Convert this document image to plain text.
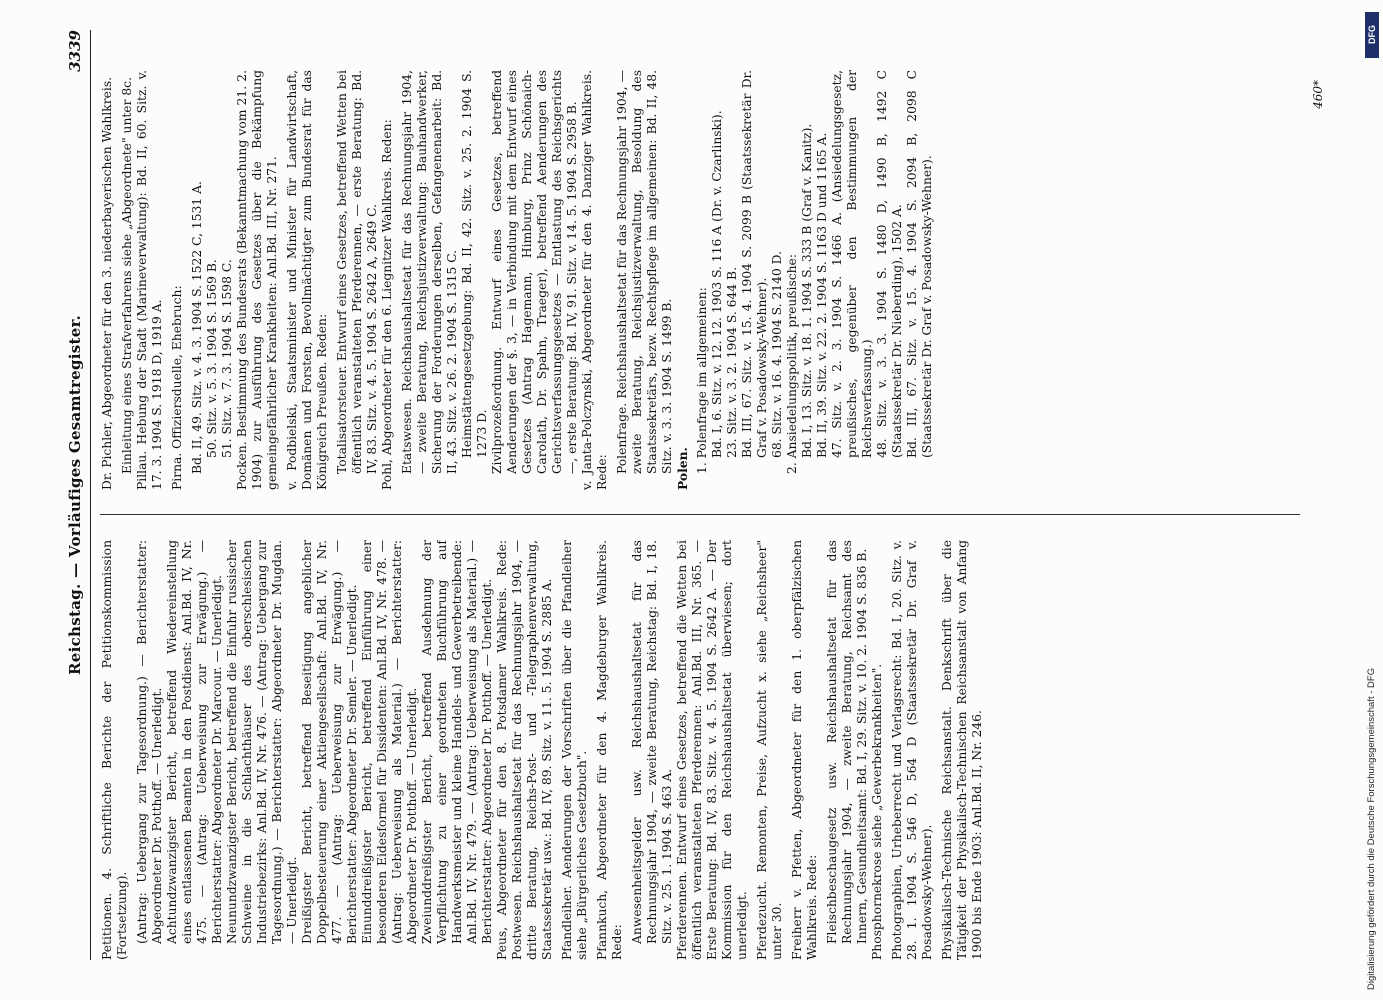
Reichstag. — Vorläufiges Gesamtregister.
3339

Petitionen. 4. Schriftliche Berichte der Petitionskommission (Fortsetzung). (Antrag: Uebergang zur Tagesordnung.) — Berichterstatter: Abgeordneter Dr. Potthoff. — Unerledigt. Achtundzwanzigster Bericht, betreffend Wiedereinstellung eines entlassenen Beamten in den Postdienst: Anl.Bd. IV, Nr. 475. — (Antrag: Ueberweisung zur Erwägung.) — Berichterstatter: Abgeordneter Dr. Marcour. — Unerledigt. Neunundzwanzigster Bericht, betreffend die Einfuhr russischer Schweine in die Schlachthäuser des oberschlesischen Industriebezirks: Anl.Bd. IV, Nr. 476. — (Antrag: Uebergang zur Tagesordnung.) — Berichterstatter: Abgeordneter Dr. Mugdan. — Unerledigt. Dreißigster Bericht, betreffend Beseitigung angeblicher Doppelbesteuerung einer Aktiengesellschaft: Anl.Bd. IV, Nr. 477. — (Antrag: Ueberweisung zur Erwägung.) — Berichterstatter: Abgeordneter Dr. Semler. — Unerledigt. Einunddreißigster Bericht, betreffend Einführung einer besonderen Eidesformel für Dissidenten: Anl.Bd. IV, Nr. 478. — (Antrag: Ueberweisung als Material.) — Berichterstatter: Abgeordneter Dr. Potthoff. — Unerledigt. Zweiunddreißigster Bericht, betreffend Ausdehnung der Verpflichtung zu einer geordneten Buchführung auf Handwerksmeister und kleine Handels- und Gewerbetreibende: Anl.Bd. IV, Nr. 479. — (Antrag: Ueberweisung als Material.) — Berichterstatter: Abgeordneter Dr. Potthoff. — Unerledigt. Peus, Abgeordneter für den 8. Potsdamer Wahlkreis. Rede: Postwesen. Reichshaushaltsetat für das Rechnungsjahr 1904, — dritte Beratung, Reichs-Post- und -Telegraphenverwaltung, Staatssekretär usw.: Bd. IV, 89. Sitz. v. 11. 5. 1904 S. 2885 A. Pfandleiher. Aenderungen der Vorschriften über die Pfandleiher siehe „Bürgerliches Gesetzbuch". Pfannkuch, Abgeordneter für den 4. Magdeburger Wahlkreis. Rede: Anwesenheitsgelder usw. Reichshaushaltsetat für das Rechnungsjahr 1904, — zweite Beratung, Reichstag: Bd. I, 18. Sitz. v. 25. 1. 1904 S. 463 A. Pferderennen. Entwurf eines Gesetzes, betreffend die Wetten bei öffentlich veranstalteten Pferderennen: Anl.Bd. III, Nr. 365. — Erste Beratung: Bd. IV, 83. Sitz. v. 4. 5. 1904 S. 2642 A. — Der Kommission für den Reichshaushaltsetat überwiesen; dort unerledigt. Pferdezucht. Remonten, Preise, Aufzucht x. siehe „Reichsheer" unter 30. Freiherr v. Pfetten, Abgeordneter für den 1. oberpfälzischen Wahlkreis. Rede: Fleischbeschaugesetz usw. Reichshaushaltsetat für das Rechnungsjahr 1904, — zweite Beratung, Reichsamt des Innern, Gesundheitsamt: Bd. I, 29. Sitz. v. 10. 2. 1904 S. 836 B. Phosphornekrose siehe „Gewerbekrankheiten". Photographien, Urheberrecht und Verlagsrecht: Bd. I, 20. Sitz. v. 28. 1. 1904 S. 546 D, 564 D (Staatssekretär Dr. Graf v. Posadowsky-Wehner). Physikalisch-Technische Reichsanstalt. Denkschrift über die Tätigkeit der Physikalisch-Technischen Reichsanstalt von Anfang 1900 bis Ende 1903: Anl.Bd. II, Nr. 246.

Dr. Pichler, Abgeordneter für den 3. niederbayerischen Wahlkreis. Einleitung eines Strafverfahrens siehe „Abgeordnete" unter 8c. Pillau. Hebung der Stadt (Marineverwaltung): Bd. II, 60. Sitz. v. 17. 3. 1904 S. 1918 D, 1919 A. Pirna. Offiziersduelle, Ehebruch: Bd. II, 49. Sitz. v. 4. 3. 1904 S. 1522 C, 1531 A. 50. Sitz. v. 5. 3. 1904 S. 1569 B. 51. Sitz. v. 7. 3. 1904 S. 1598 C. Pocken. Bestimmung des Bundesrats (Bekanntmachung vom 21. 2. 1904) zur Ausführung des Gesetzes über die Bekämpfung gemeingefährlicher Krankheiten: Anl.Bd. III, Nr. 271. v. Podbielski, Staatsminister und Minister für Landwirtschaft, Domänen und Forsten, Bevollmächtigter zum Bundesrat für das Königreich Preußen. Reden: Totalisatorsteuer. Entwurf eines Gesetzes, betreffend Wetten bei öffentlich veranstalteten Pferderennen, — erste Beratung: Bd. IV, 83. Sitz. v. 4. 5. 1904 S. 2642 A, 2649 C. Pohl, Abgeordneter für den 6. Liegnitzer Wahlkreis. Reden: Etatswesen. Reichshaushaltsetat für das Rechnungsjahr 1904, — zweite Beratung, Reichsjustizverwaltung: Bauhandwerker, Sicherung der Forderungen derselben, Gefangenenarbeit: Bd. II, 43. Sitz. v. 26. 2. 1904 S. 1315 C. Heimstättengesetzgebung: Bd. II, 42. Sitz. v. 25. 2. 1904 S. 1273 D. Zivilprozeßordnung. Entwurf eines Gesetzes, betreffend Aenderungen der §. 3, — in Verbindung mit dem Entwurf eines Gesetzes (Antrag Hagemann, Himburg, Prinz Schönaich-Carolath, Dr. Spahn, Traeger), betreffend Aenderungen des Gerichtsverfassungsgesetzes — Entlastung des Reichsgerichts —, erste Beratung: Bd. IV, 91. Sitz. v. 14. 5. 1904 S. 2958 B. v. Janta-Polczynski, Abgeordneter für den 4. Danziger Wahlkreis. Rede: Polenfrage. Reichshaushaltsetat für das Rechnungsjahr 1904, — zweite Beratung, Reichsjustizverwaltung, Besoldung des Staatssekretärs, bezw. Rechtspflege im allgemeinen: Bd. II, 48. Sitz. v. 3. 3. 1904 S. 1499 B. Polen. 1. Polenfrage im allgemeinen: Bd. I, 6. Sitz. v. 12. 12. 1903 S. 116 A (Dr. v. Czarlinski). 23. Sitz. v. 3. 2. 1904 S. 644 B. Bd. III, 67. Sitz. v. 15. 4. 1904 S. 2099 B (Staatssekretär Dr. Graf v. Posadowsky-Wehner). 68. Sitz. v. 16. 4. 1904 S. 2140 D. 2. Ansiedelungspolitik, preußische: Bd. I, 13. Sitz. v. 18. 1. 1904 S. 333 B (Graf v. Kanitz). Bd. II, 39. Sitz. v. 22. 2. 1904 S. 1163 D und 1165 A. 47. Sitz. v. 2. 3. 1904 S. 1466 A. (Ansiedelungsgesetz, preußisches, gegenüber den Bestimmungen der Reichsverfassung.) 48. Sitz. v. 3. 3. 1904 S. 1480 D, 1490 B, 1492 C (Staatssekretär Dr. Nieberding), 1502 A. Bd. III, 67. Sitz. v. 15. 4. 1904 S. 2094 B, 2098 C (Staatssekretär Dr. Graf v. Posadowsky-Wehner).
460*
DFG
Digitalisierung gefördert durch die Deutsche Forschungsgemeinschaft - DFG
